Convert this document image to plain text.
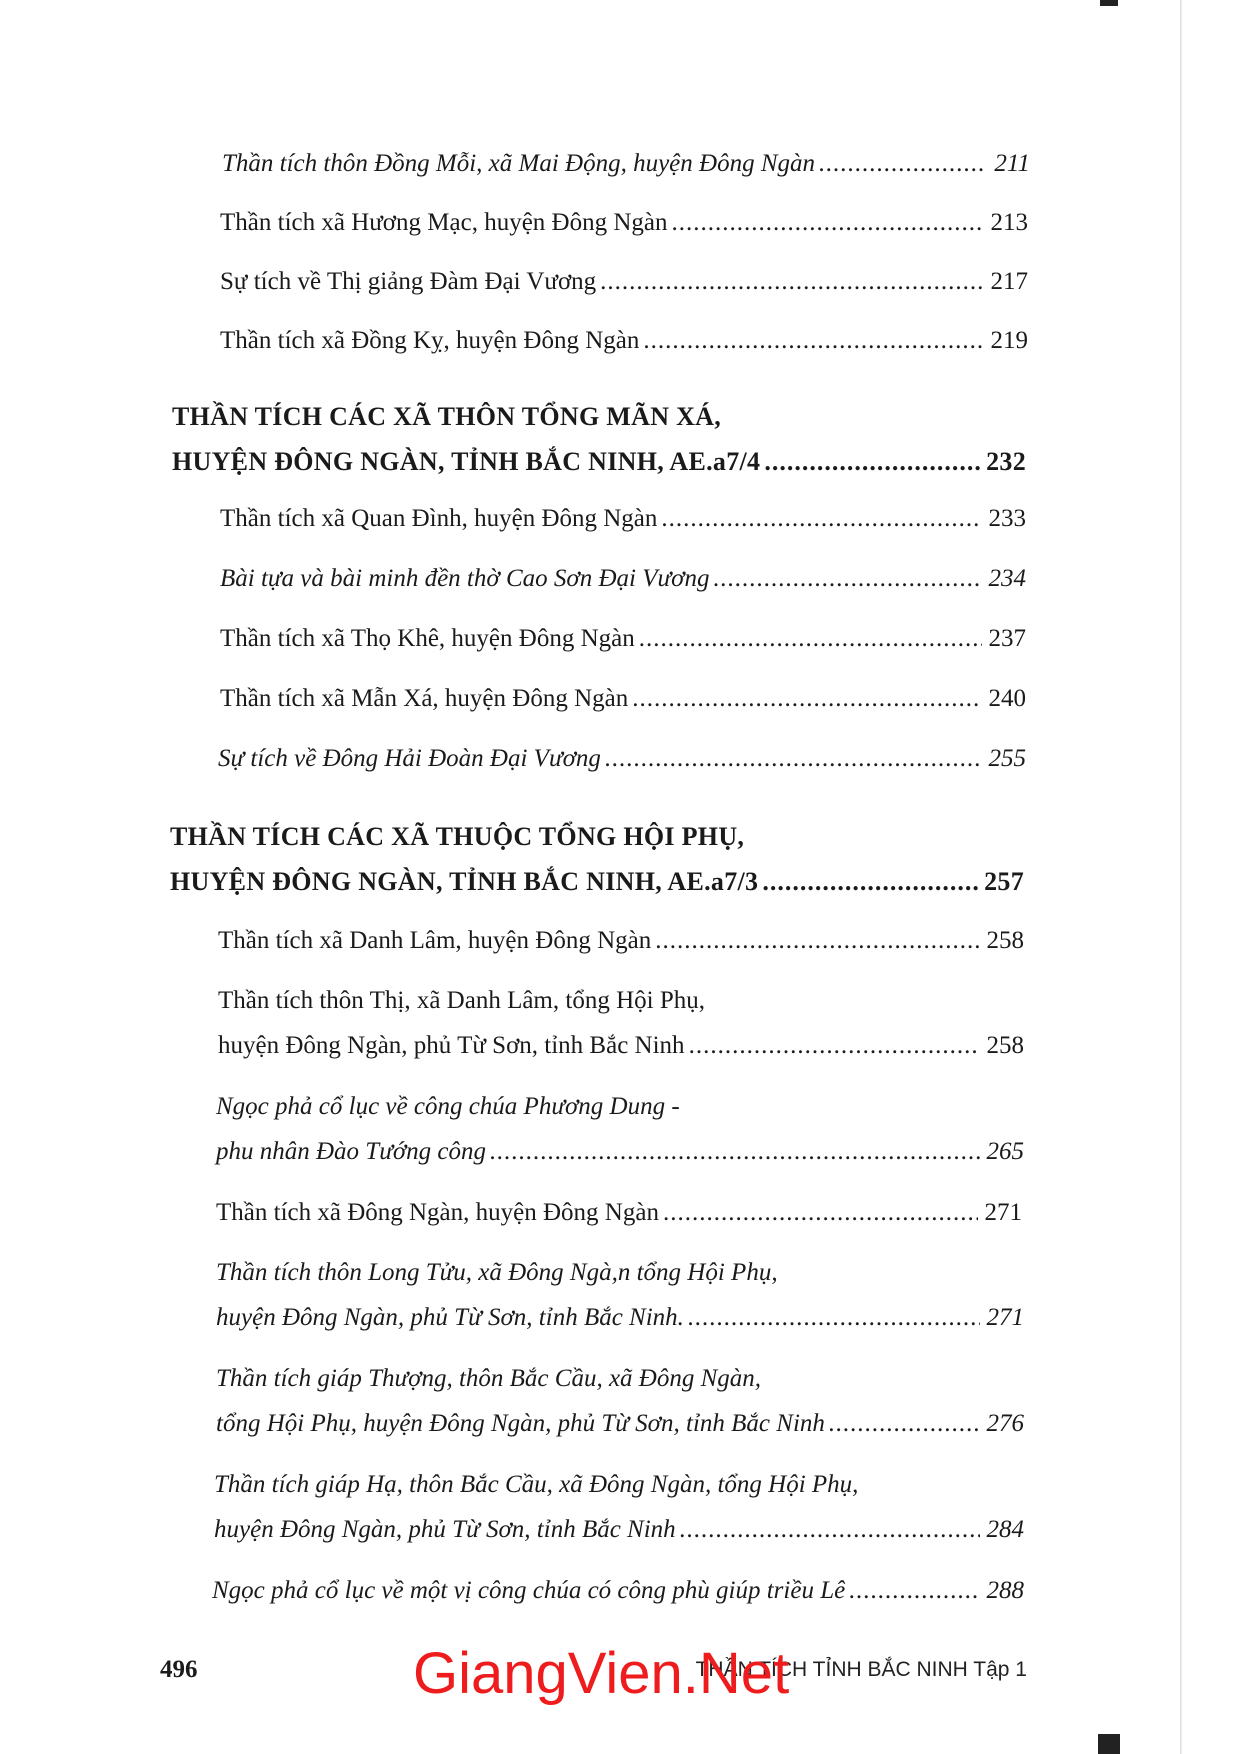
Thần tích thôn Đồng Mỗi, xã Mai Động, huyện Đông Ngàn .....	211
Thần tích xã Hương Mạc, huyện Đông Ngàn .....	213
Sự tích về Thị giảng Đàm Đại Vương .....	217
Thần tích xã Đồng Kỵ, huyện Đông Ngàn .....	219
THẦN TÍCH CÁC XÃ THÔN TỔNG MÃN XÁ,
HUYỆN ĐÔNG NGÀN, TỈNH BẮC NINH, AE.a7/4 .....	232
Thần tích xã Quan Đình, huyện Đông Ngàn .....	233
Bài tựa và bài minh đền thờ Cao Sơn Đại Vương .....	234
Thần tích xã Thọ Khê, huyện Đông Ngàn .....	237
Thần tích xã Mẫn Xá, huyện Đông Ngàn .....	240
Sự tích về Đông Hải Đoàn Đại Vương .....	255
THẦN TÍCH CÁC XÃ THUỘC TỔNG HỘI PHỤ,
HUYỆN ĐÔNG NGÀN, TỈNH BẮC NINH, AE.a7/3 .....	257
Thần tích xã Danh Lâm, huyện Đông Ngàn .....	258
Thần tích thôn Thị, xã Danh Lâm, tổng Hội Phụ,
huyện Đông Ngàn, phủ Từ Sơn, tỉnh Bắc Ninh .....	258
Ngọc phả cổ lục về công chúa Phương Dung -
phu nhân Đào Tướng công .....	265
Thần tích xã Đông Ngàn, huyện Đông Ngàn .....	271
Thần tích thôn Long Tửu, xã Đông Ngà,n tổng Hội Phụ,
huyện Đông Ngàn, phủ Từ Sơn, tỉnh Bắc Ninh. .....	271
Thần tích giáp Thượng, thôn Bắc Cầu, xã Đông Ngàn,
tổng Hội Phụ, huyện Đông Ngàn, phủ Từ Sơn, tỉnh Bắc Ninh .....	276
Thần tích giáp Hạ, thôn Bắc Cầu, xã Đông Ngàn, tổng Hội Phụ,
huyện Đông Ngàn, phủ Từ Sơn, tỉnh Bắc Ninh .....	284
Ngọc phả cổ lục về một vị công chúa có công phù giúp triều Lê .....	288
496	THẦN TÍCH TỈNH BẮC NINH Tập 1
GiangVien.Net
